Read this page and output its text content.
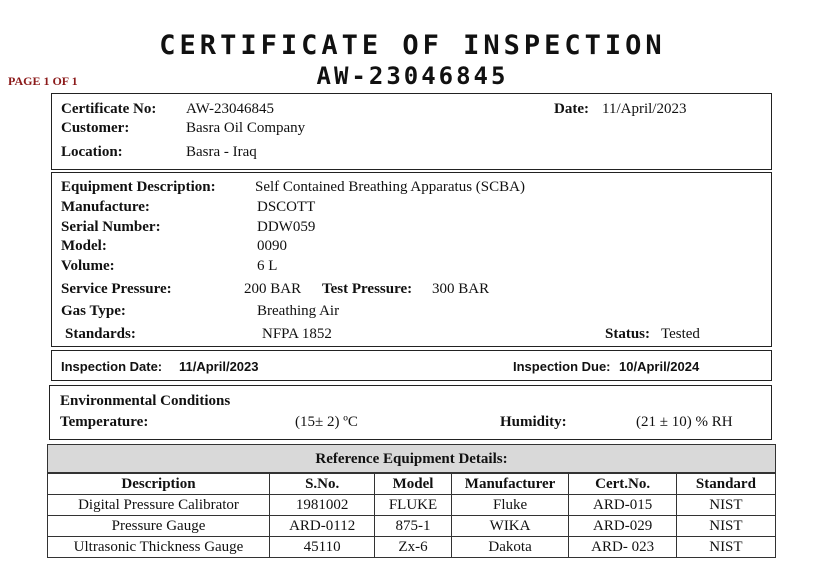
CERTIFICATE OF INSPECTION
AW-23046845
PAGE 1 OF 1
Certificate No: AW-23046845	Date: 11/April/2023
Customer:	Basra Oil Company
Location:	Basra - Iraq
Equipment Description:	Self Contained Breathing Apparatus (SCBA)
Manufacture:	DSCOTT
Serial Number:	DDW059
Model:	0090
Volume:	6 L
Service Pressure:	200 BAR Test Pressure: 300 BAR
Gas Type:	Breathing Air
Standards:	NFPA 1852	Status: Tested
Inspection Date: 11/April/2023	Inspection Due: 10/April/2024
Environmental Conditions
Temperature:	(15± 2) ºC	Humidity:	(21 ± 10) % RH
Reference Equipment Details:
Description	S.No.	Model	Manufacturer	Cert.No.	Standard
Digital Pressure Calibrator	1981002	FLUKE	Fluke	ARD-015	NIST
Pressure Gauge	ARD-0112	875-1	WIKA	ARD-029	NIST
Ultrasonic Thickness Gauge	45110	Zx-6	Dakota	ARD- 023	NIST
